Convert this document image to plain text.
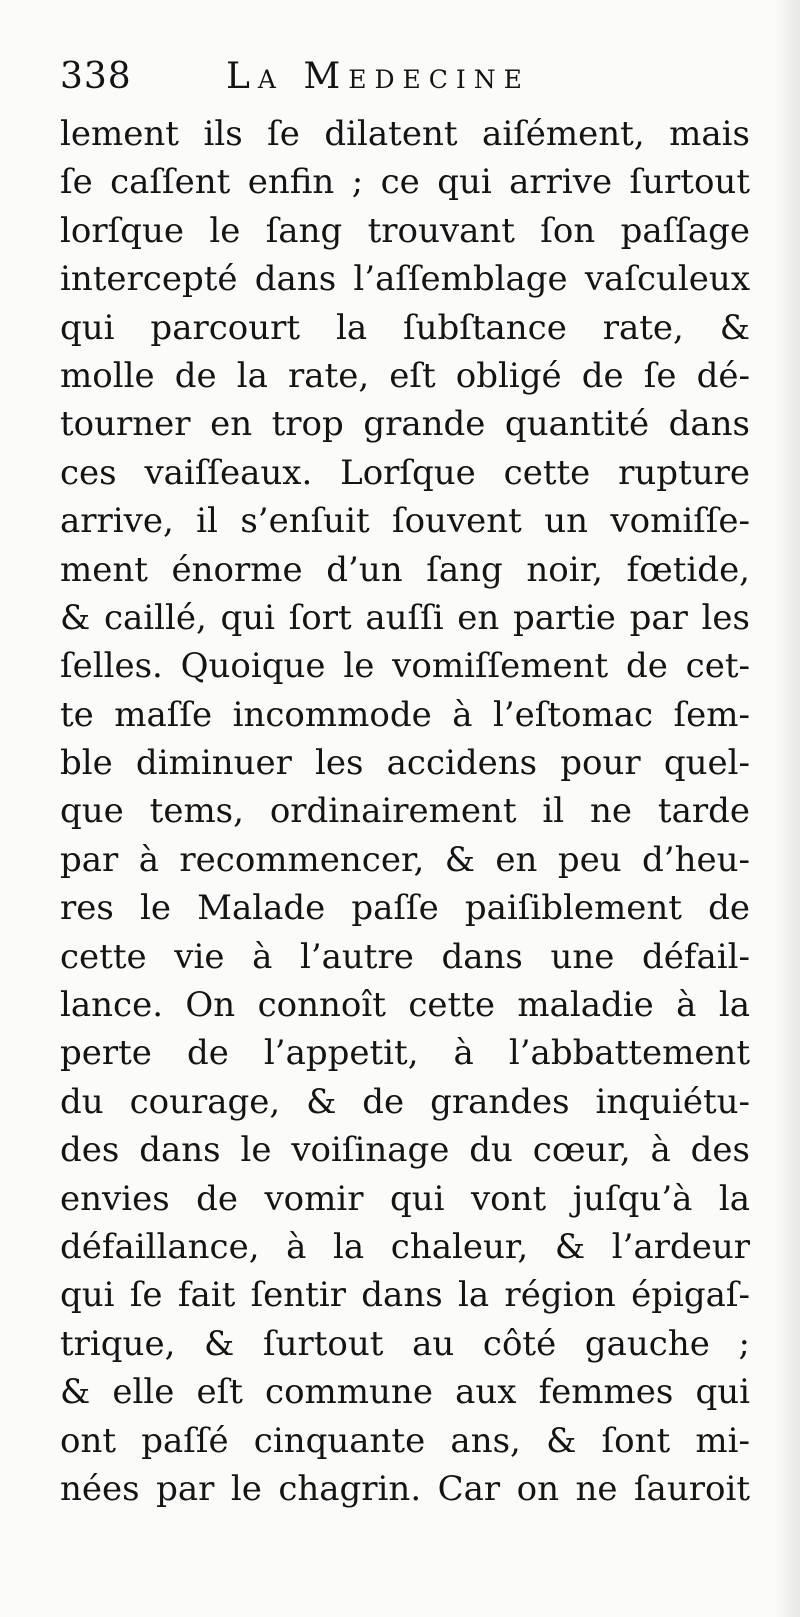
338	La Medecine
lement ils ſe dilatent aiſément, mais
ſe caſſent enfin ; ce qui arrive ſurtout
lorſque le ſang trouvant ſon paſſage
intercepté dans l’aſſemblage vaſculeux
qui parcourt la ſubſtance rate, &
molle de la rate, eſt obligé de ſe dé-
tourner en trop grande quantité dans
ces vaiſſeaux. Lorſque cette rupture
arrive, il s’enſuit ſouvent un vomiſſe-
ment énorme d’un ſang noir, fœtide,
& caillé, qui ſort auſſi en partie par les
ſelles. Quoique le vomiſſement de cet-
te maſſe incommode à l’eſtomac ſem-
ble diminuer les accidens pour quel-
que tems, ordinairement il ne tarde
par à recommencer, & en peu d’heu-
res le Malade paſſe paiſiblement de
cette vie à l’autre dans une défail-
lance. On connoît cette maladie à la
perte de l’appetit, à l’abbattement
du courage, & de grandes inquiétu-
des dans le voiſinage du cœur, à des
envies de vomir qui vont juſqu’à la
défaillance, à la chaleur, & l’ardeur
qui ſe fait ſentir dans la région épigaſ-
trique, & ſurtout au côté gauche ;
& elle eſt commune aux femmes qui
ont paſſé cinquante ans, & ſont mi-
nées par le chagrin. Car on ne ſauroit
